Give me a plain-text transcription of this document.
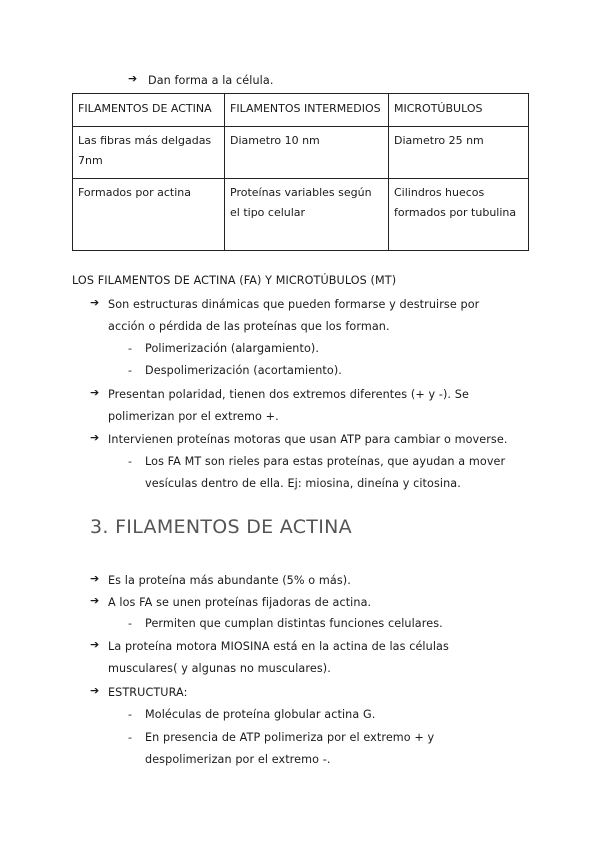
➔ Dan forma a la célula.
FILAMENTOS DE ACTINA	FILAMENTOS INTERMEDIOS	MICROTÚBULOS
Las fibras más delgadas 7nm	Diametro 10 nm	Diametro 25 nm
Formados por actina	Proteínas variables según el tipo celular	Cilindros huecos formados por tubulina
LOS FILAMENTOS DE ACTINA (FA) Y MICROTÚBULOS (MT)
➔ Son estructuras dinámicas que pueden formarse y destruirse por
acción o pérdida de las proteínas que los forman.
- Polimerización (alargamiento).
- Despolimerización (acortamiento).
➔ Presentan polaridad, tienen dos extremos diferentes (+ y -). Se
polimerizan por el extremo +.
➔ Intervienen proteínas motoras que usan ATP para cambiar o moverse.
- Los FA MT son rieles para estas proteínas, que ayudan a mover
vesículas dentro de ella. Ej: miosina, dineína y citosina.
3. FILAMENTOS DE ACTINA
➔ Es la proteína más abundante (5% o más).
➔ A los FA se unen proteínas fijadoras de actina.
- Permiten que cumplan distintas funciones celulares.
➔ La proteína motora MIOSINA está en la actina de las células
musculares( y algunas no musculares).
➔ ESTRUCTURA:
- Moléculas de proteína globular actina G.
- En presencia de ATP polimeriza por el extremo + y
despolimerizan por el extremo -.
